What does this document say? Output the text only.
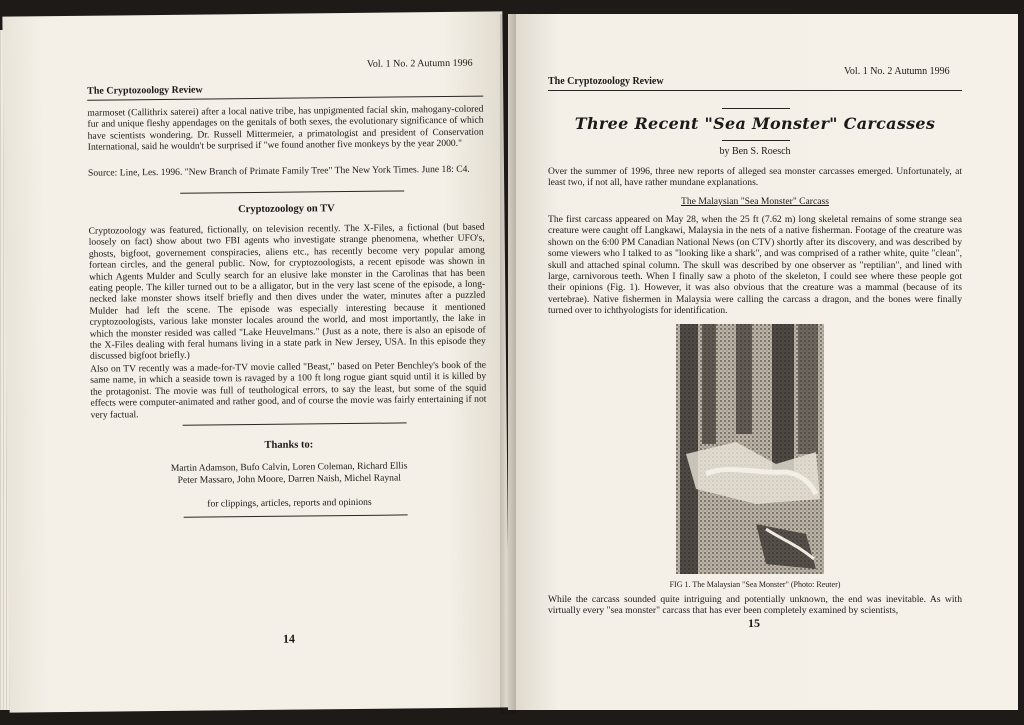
The Cryptozoology Review
Vol. 1 No. 2 Autumn 1996

marmoset (Callithrix saterei) after a local native tribe, has unpigmented facial skin, mahogany-colored fur and unique fleshy appendages on the genitals of both sexes, the evolutionary significance of which have scientists wondering. Dr. Russell Mittermeier, a primatologist and president of Conservation International, said he wouldn't be surprised if "we found another five monkeys by the year 2000."

Source: Line, Les. 1996. "New Branch of Primate Family Tree" The New York Times. June 18: C4.

Cryptozoology on TV

Cryptozoology was featured, fictionally, on television recently. The X-Files, a fictional (but based loosely on fact) show about two FBI agents who investigate strange phenomena, whether UFO's, ghosts, bigfoot, governement conspiracies, aliens etc., has recently become very popular among fortean circles, and the general public. Now, for cryptozoologists, a recent episode was shown in which Agents Mulder and Scully search for an elusive lake monster in the Carolinas that has been eating people. The killer turned out to be a alligator, but in the very last scene of the episode, a long-necked lake monster shows itself briefly and then dives under the water, minutes after a puzzled Mulder had left the scene. The episode was especially interesting because it mentioned cryptozoologists, various lake monster locales around the world, and most importantly, the lake in which the monster resided was called "Lake Heuvelmans." (Just as a note, there is also an episode of the X-Files dealing with feral humans living in a state park in New Jersey, USA. In this episode they discussed bigfoot briefly.)

Also on TV recently was a made-for-TV movie called "Beast," based on Peter Benchley's book of the same name, in which a seaside town is ravaged by a 100 ft long rogue giant squid until it is killed by the protagonist. The movie was full of teuthological errors, to say the least, but some of the squid effects were computer-animated and rather good, and of course the movie was fairly entertaining if not very factual.

Thanks to:
Martin Adamson, Bufo Calvin, Loren Coleman, Richard Ellis
Peter Massaro, John Moore, Darren Naish, Michel Raynal
for clippings, articles, reports and opinions
14
The Cryptozoology Review
Vol. 1 No. 2 Autumn 1996
Three Recent "Sea Monster" Carcasses
by Ben S. Roesch

Over the summer of 1996, three new reports of alleged sea monster carcasses emerged. Unfortunately, at least two, if not all, have rather mundane explanations.

The Malaysian "Sea Monster" Carcass

The first carcass appeared on May 28, when the 25 ft (7.62 m) long skeletal remains of some strange sea creature were caught off Langkawi, Malaysia in the nets of a native fisherman. Footage of the creature was shown on the 6:00 PM Canadian National News (on CTV) shortly after its discovery, and was described by some viewers who I talked to as "looking like a shark", and was comprised of a rather white, quite "clean", skull and attached spinal column. The skull was described by one observer as "reptilian", and lined with large, carnivorous teeth. When I finally saw a photo of the skeleton, I could see where these people got their opinions (Fig. 1). However, it was also obvious that the creature was a mammal (because of its vertebrae). Native fishermen in Malaysia were calling the carcass a dragon, and the bones were finally turned over to ichthyologists for identification.

FIG 1. The Malaysian "Sea Monster" (Photo: Reuter)

While the carcass sounded quite intriguing and potentially unknown, the end was inevitable. As with virtually every "sea monster" carcass that has ever been completely examined by scientists,

15
